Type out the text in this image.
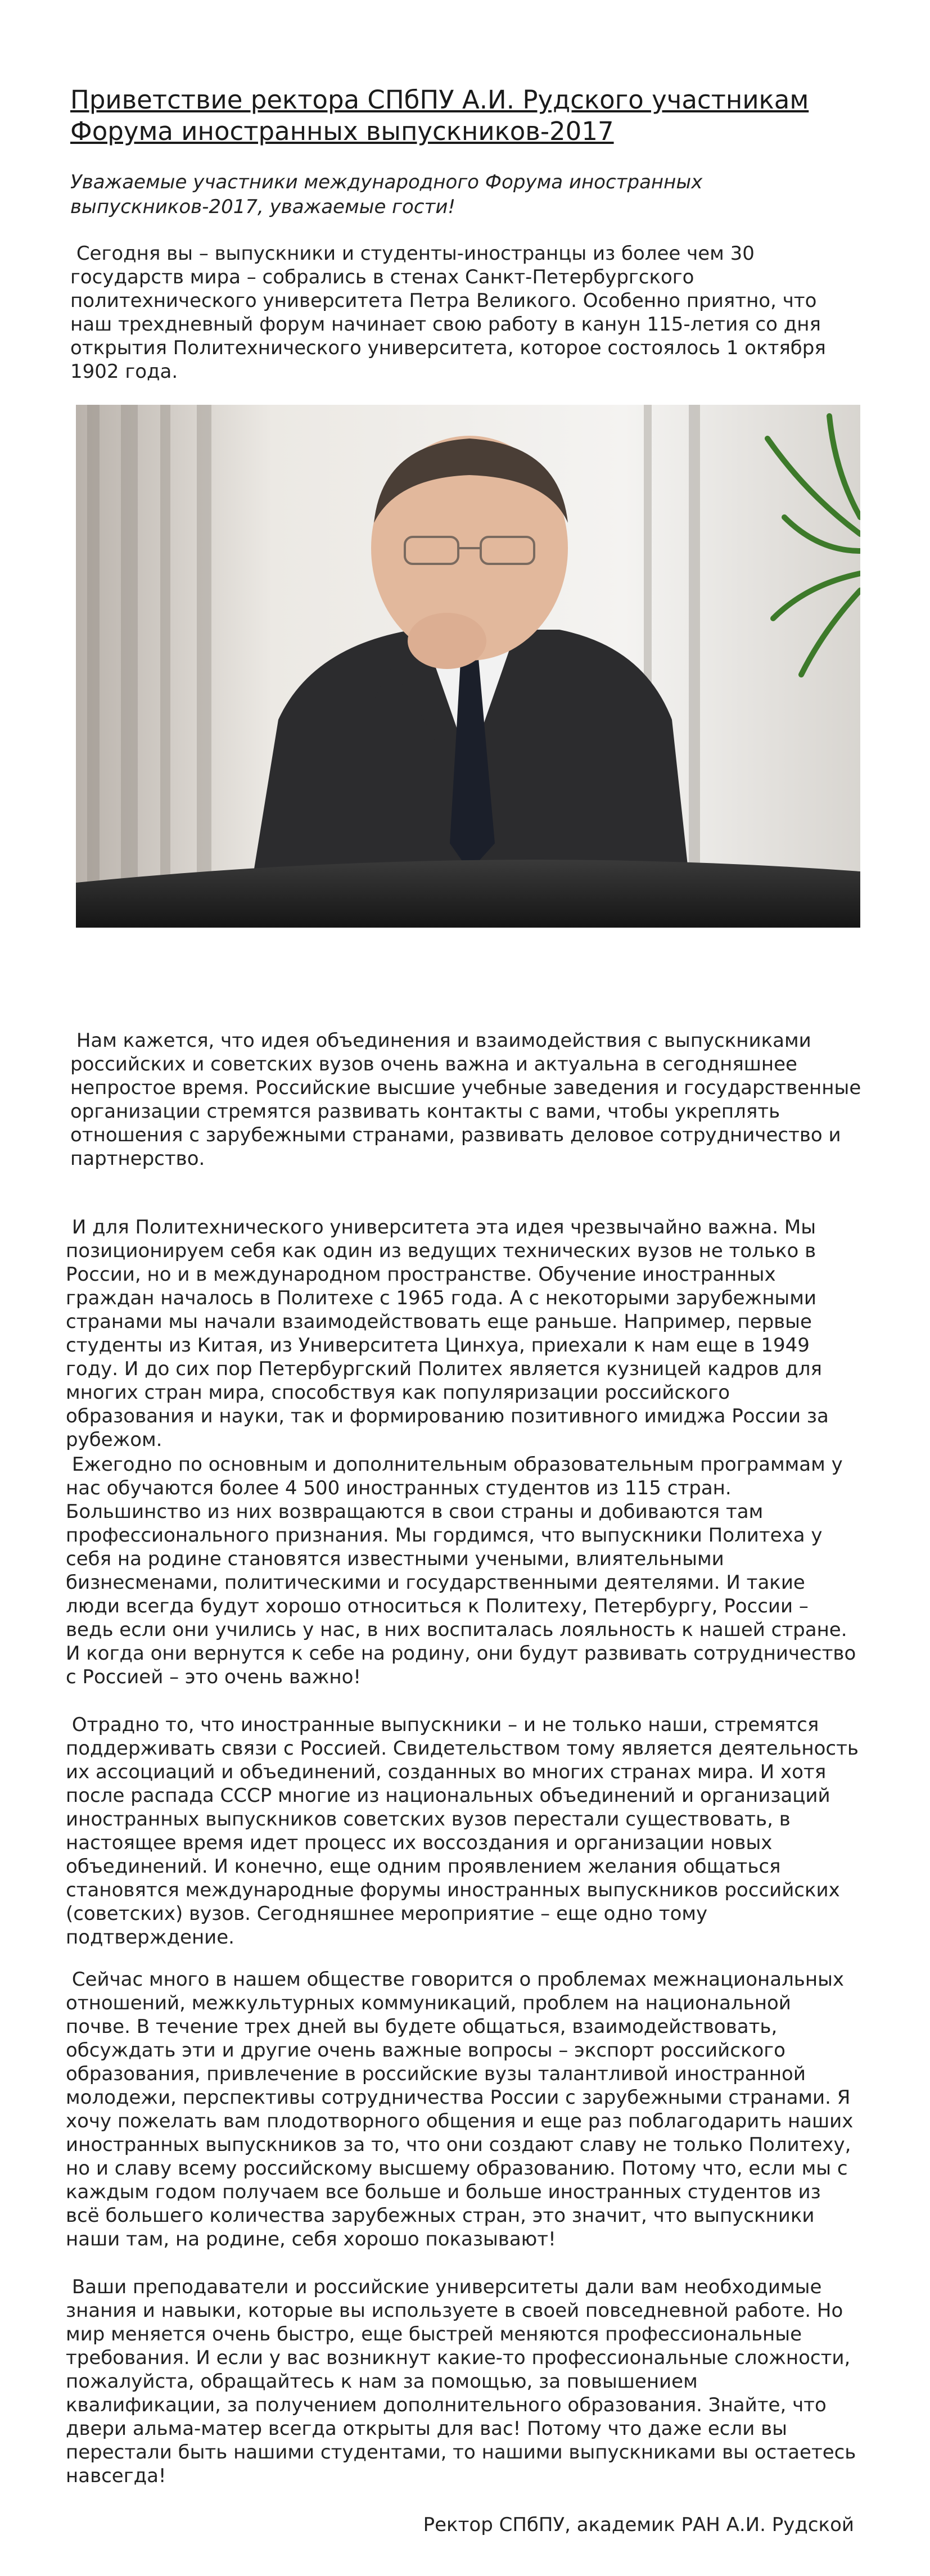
Приветствие ректора СПбПУ А.И. Рудского участникам Форума иностранных выпускников-2017

Уважаемые участники международного Форума иностранных выпускников-2017, уважаемые гости!

Сегодня вы – выпускники и студенты-иностранцы из более чем 30 государств мира – собрались в стенах Санкт-Петербургского политехнического университета Петра Великого. Особенно приятно, что наш трехдневный форум начинает свою работу в канун 115-летия со дня открытия Политехнического университета, которое состоялось 1 октября 1902 года.

Нам кажется, что идея объединения и взаимодействия с выпускниками российских и советских вузов очень важна и актуальна в сегодняшнее непростое время. Российские высшие учебные заведения и государственные организации стремятся развивать контакты с вами, чтобы укреплять отношения с зарубежными странами, развивать деловое сотрудничество и партнерство.

И для Политехнического университета эта идея чрезвычайно важна. Мы позиционируем себя как один из ведущих технических вузов не только в России, но и в международном пространстве. Обучение иностранных граждан началось в Политехе с 1965 года. А с некоторыми зарубежными странами мы начали взаимодействовать еще раньше. Например, первые студенты из Китая, из Университета Цинхуа, приехали к нам еще в 1949 году. И до сих пор Петербургский Политех является кузницей кадров для многих стран мира, способствуя как популяризации российского образования и науки, так и формированию позитивного имиджа России за рубежом.

Ежегодно по основным и дополнительным образовательным программам у нас обучаются более 4 500 иностранных студентов из 115 стран. Большинство из них возвращаются в свои страны и добиваются там профессионального признания. Мы гордимся, что выпускники Политеха у себя на родине становятся известными учеными, влиятельными бизнесменами, политическими и государственными деятелями. И такие люди всегда будут хорошо относиться к Политеху, Петербургу, России – ведь если они учились у нас, в них воспиталась лояльность к нашей стране. И когда они вернутся к себе на родину, они будут развивать сотрудничество с Россией – это очень важно!

Отрадно то, что иностранные выпускники – и не только наши, стремятся поддерживать связи с Россией. Свидетельством тому является деятельность их ассоциаций и объединений, созданных во многих странах мира. И хотя после распада СССР многие из национальных объединений и организаций иностранных выпускников советских вузов перестали существовать, в настоящее время идет процесс их воссоздания и организации новых объединений. И конечно, еще одним проявлением желания общаться становятся международные форумы иностранных выпускников российских (советских) вузов. Сегодняшнее мероприятие – еще одно тому подтверждение.

Сейчас много в нашем обществе говорится о проблемах межнациональных отношений, межкультурных коммуникаций, проблем на национальной почве. В течение трех дней вы будете общаться, взаимодействовать, обсуждать эти и другие очень важные вопросы – экспорт российского образования, привлечение в российские вузы талантливой иностранной молодежи, перспективы сотрудничества России с зарубежными странами. Я хочу пожелать вам плодотворного общения и еще раз поблагодарить наших иностранных выпускников за то, что они создают славу не только Политеху, но и славу всему российскому высшему образованию. Потому что, если мы с каждым годом получаем все больше и больше иностранных студентов из всё большего количества зарубежных стран, это значит, что выпускники наши там, на родине, себя хорошо показывают!

Ваши преподаватели и российские университеты дали вам необходимые знания и навыки, которые вы используете в своей повседневной работе. Но мир меняется очень быстро, еще быстрей меняются профессиональные требования. И если у вас возникнут какие-то профессиональные сложности, пожалуйста, обращайтесь к нам за помощью, за повышением квалификации, за получением дополнительного образования. Знайте, что двери альма-матер всегда открыты для вас! Потому что даже если вы перестали быть нашими студентами, то нашими выпускниками вы остаетесь навсегда!

Ректор СПбПУ, академик РАН А.И. Рудской
